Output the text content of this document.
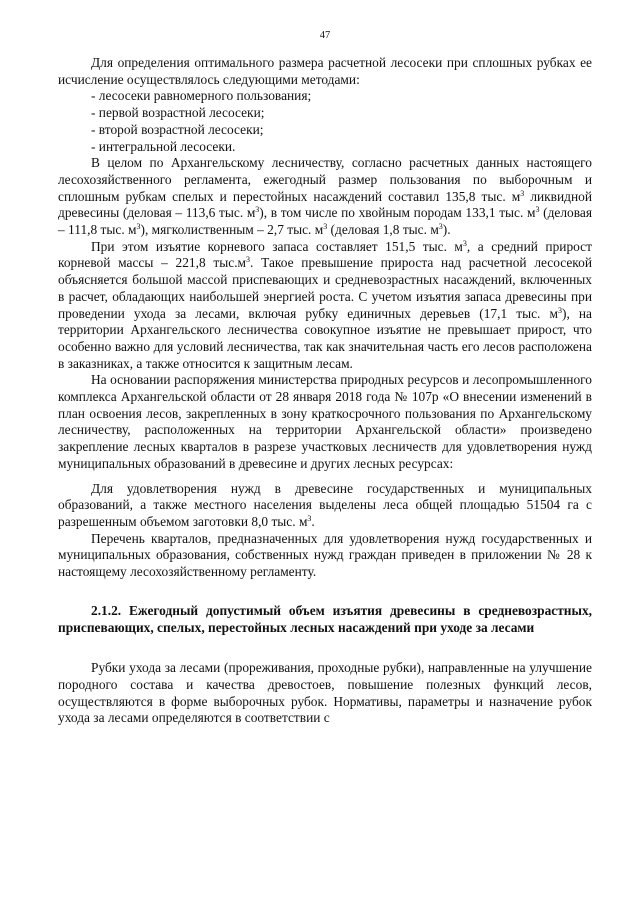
47

Для определения оптимального размера расчетной лесосеки при сплошных рубках ее исчисление осуществлялось следующими методами:

- лесосеки равномерного пользования;

- первой возрастной лесосеки;

- второй возрастной лесосеки;

- интегральной лесосеки.

В целом по Архангельскому лесничеству, согласно расчетных данных настоящего лесохозяйственного регламента, ежегодный размер пользования по выборочным и сплошным рубкам спелых и перестойных насаждений составил 135,8 тыс. $м^3$ ликвидной древесины (деловая – 113,6 тыс. $м^3$), в том числе по хвойным породам 133,1 тыс. $м^3$ (деловая – 111,8 тыс. $м^3$), мягколиственным – 2,7 тыс. $м^3$ (деловая 1,8 тыс. $м^3$).

При этом изъятие корневого запаса составляет 151,5 тыс. $м^3$, а средний прирост корневой массы – 221,8 $тыс.м^3$. Такое превышение прироста над расчетной лесосекой объясняется большой массой приспевающих и средневозрастных насаждений, включенных в расчет, обладающих наибольшей энергией роста. С учетом изъятия запаса древесины при проведении ухода за лесами, включая рубку единичных деревьев (17,1 тыс. $м^3$), на территории Архангельского лесничества совокупное изъятие не превышает прирост, что особенно важно для условий лесничества, так как значительная часть его лесов расположена в заказниках, а также относится к защитным лесам.

На основании распоряжения министерства природных ресурсов и лесопромышленного комплекса Архангельской области от 28 января 2018 года № 107р «О внесении изменений в план освоения лесов, закрепленных в зону краткосрочного пользования по Архангельскому лесничеству, расположенных на территории Архангельской области» произведено закрепление лесных кварталов в разрезе участковых лесничеств для удовлетворения нужд муниципальных образований в древесине и других лесных ресурсах:

Для удовлетворения нужд в древесине государственных и муниципальных образований, а также местного населения выделены леса общей площадью 51504 га с разрешенным объемом заготовки 8,0 тыс. $м^3$.

Перечень кварталов, предназначенных для удовлетворения нужд государственных и муниципальных образования, собственных нужд граждан приведен в приложении № 28 к настоящему лесохозяйственному регламенту.

2.1.2. Ежегодный допустимый объем изъятия древесины в средневозрастных, приспевающих, спелых, перестойных лесных насаждений при уходе за лесами

Рубки ухода за лесами (прореживания, проходные рубки), направленные на улучшение породного состава и качества древостоев, повышение полезных функций лесов, осуществляются в форме выборочных рубок. Нормативы, параметры и назначение рубок ухода за лесами определяются в соответствии с
